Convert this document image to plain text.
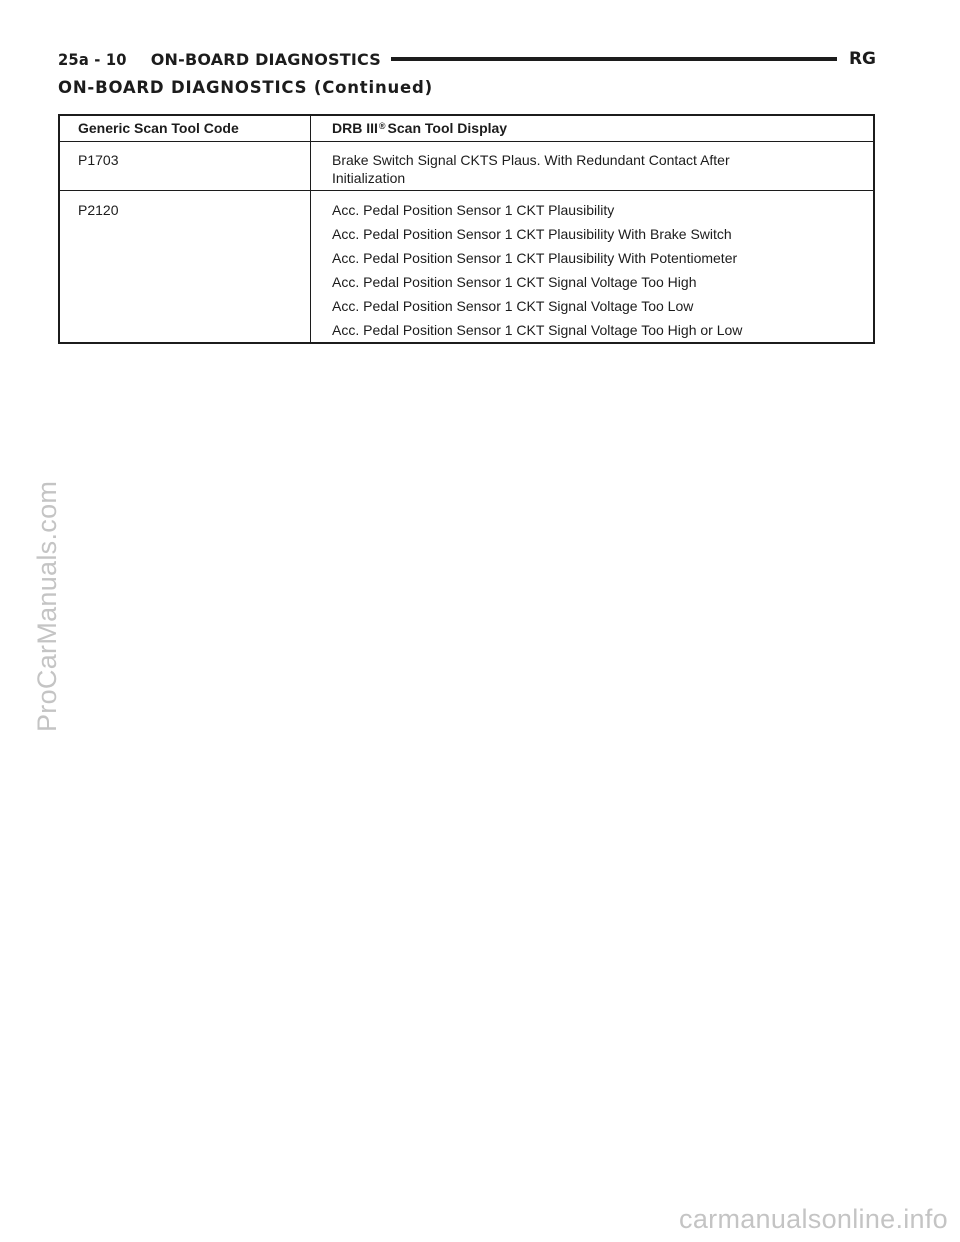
25a - 10 ON-BOARD DIAGNOSTICS	RG
ON-BOARD DIAGNOSTICS (Continued)
Generic Scan Tool Code	DRB III® Scan Tool Display
P1703	Brake Switch Signal CKTS Plaus. With Redundant Contact After
Initialization
P2120	Acc. Pedal Position Sensor 1 CKT Plausibility
Acc. Pedal Position Sensor 1 CKT Plausibility With Brake Switch
Acc. Pedal Position Sensor 1 CKT Plausibility With Potentiometer
Acc. Pedal Position Sensor 1 CKT Signal Voltage Too High
Acc. Pedal Position Sensor 1 CKT Signal Voltage Too Low
Acc. Pedal Position Sensor 1 CKT Signal Voltage Too High or Low
ProCarManuals.com
carmanualsonline.info
